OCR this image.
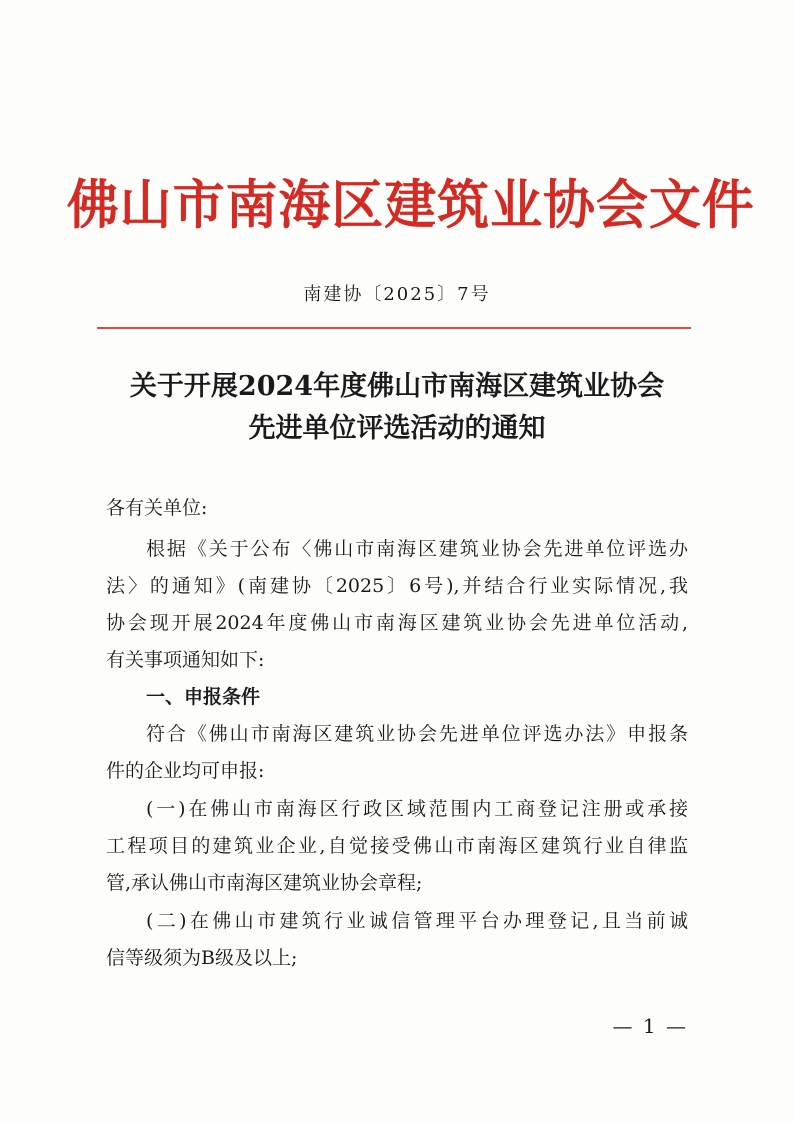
佛山市南海区建筑业协会文件
南建协〔2025〕7号
关于开展2024年度佛山市南海区建筑业协会
先进单位评选活动的通知
各有关单位:
根据《关于公布〈佛山市南海区建筑业协会先进单位评选办
法〉的通知》(南建协〔2025〕6号),并结合行业实际情况,我
协会现开展2024年度佛山市南海区建筑业协会先进单位活动,
有关事项通知如下:
一、申报条件
符合《佛山市南海区建筑业协会先进单位评选办法》申报条
件的企业均可申报:
(一)在佛山市南海区行政区域范围内工商登记注册或承接
工程项目的建筑业企业,自觉接受佛山市南海区建筑行业自律监
管,承认佛山市南海区建筑业协会章程;
(二)在佛山市建筑行业诚信管理平台办理登记,且当前诚
信等级须为B级及以上;
— 1 —
